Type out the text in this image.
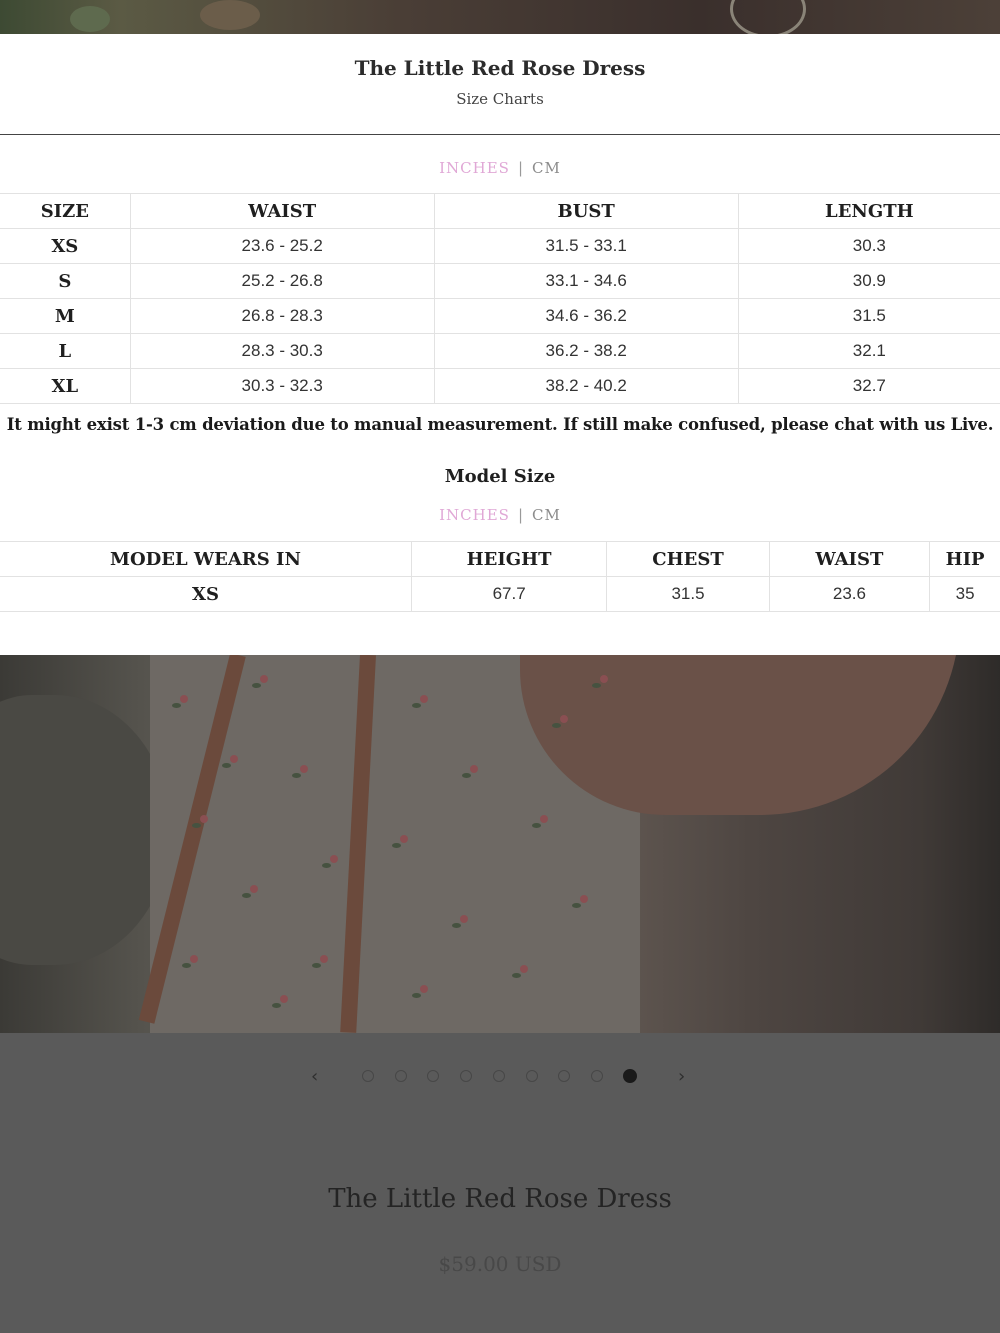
The Little Red Rose Dress
Size Charts
INCHES | CM
SIZE	WAIST	BUST	LENGTH
XS	23.6 - 25.2	31.5 - 33.1	30.3
S	25.2 - 26.8	33.1 - 34.6	30.9
M	26.8 - 28.3	34.6 - 36.2	31.5
L	28.3 - 30.3	36.2 - 38.2	32.1
XL	30.3 - 32.3	38.2 - 40.2	32.7
It might exist 1-3 cm deviation due to manual measurement. If still make confused, please chat with us Live.
Model Size
INCHES | CM
MODEL WEARS IN	HEIGHT	CHEST	WAIST	HIP
XS	67.7	31.5	23.6	35
‹	›
The Little Red Rose Dress
$59.00 USD
